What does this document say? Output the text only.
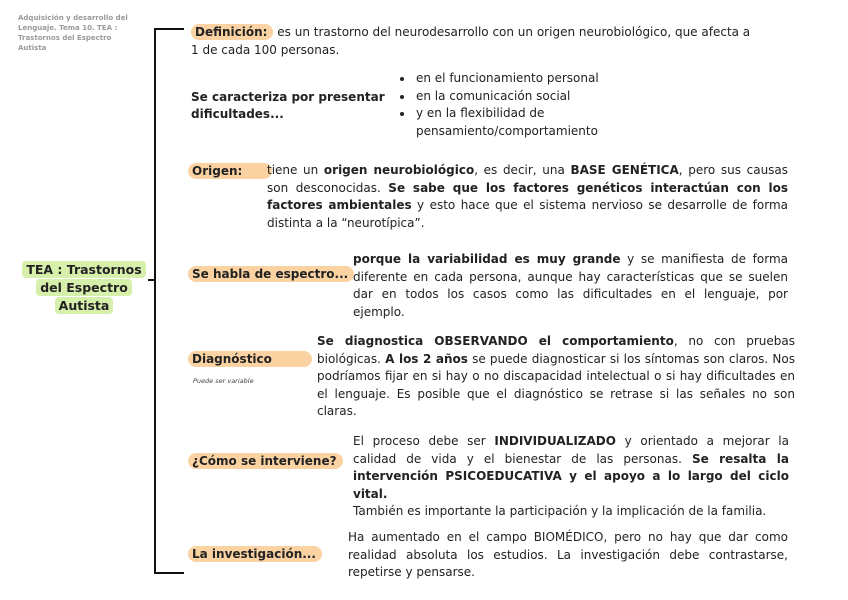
Adquisición y desarrollo del Lenguaje. Tema 10. TEA : Trastornos del Espectro Autista
TEA : Trastornos del Espectro Autista
Definición: es un trastorno del neurodesarrollo con un origen neurobiológico, que afecta a 1 de cada 100 personas.
Se caracteriza por presentar dificultades...
• en el funcionamiento personal
• en la comunicación social
• y en la flexibilidad de pensamiento/comportamiento
Origen:	tiene un origen neurobiológico, es decir, una BASE GENÉTICA, pero sus causas son desconocidas. Se sabe que los factores genéticos interactúan con los factores ambientales y esto hace que el sistema nervioso se desarrolle de forma distinta a la “neurotípica”.
Se habla de espectro...
porque la variabilidad es muy grande y se manifiesta de forma diferente en cada persona, aunque hay características que se suelen dar en todos los casos como las dificultades en el lenguaje, por ejemplo.
Diagnóstico
Puede ser variable
Se diagnostica OBSERVANDO el comportamiento, no con pruebas biológicas. A los 2 años se puede diagnosticar si los síntomas son claros. Nos podríamos fijar en si hay o no discapacidad intelectual o si hay dificultades en el lenguaje. Es posible que el diagnóstico se retrase si las señales no son claras.
¿Cómo se interviene?
El proceso debe ser INDIVIDUALIZADO y orientado a mejorar la calidad de vida y el bienestar de las personas. Se resalta la intervención PSICOEDUCATIVA y el apoyo a lo largo del ciclo vital.
También es importante la participación y la implicación de la familia.
La investigación...
Ha aumentado en el campo BIOMÉDICO, pero no hay que dar como realidad absoluta los estudios. La investigación debe contrastarse, repetirse y pensarse.
